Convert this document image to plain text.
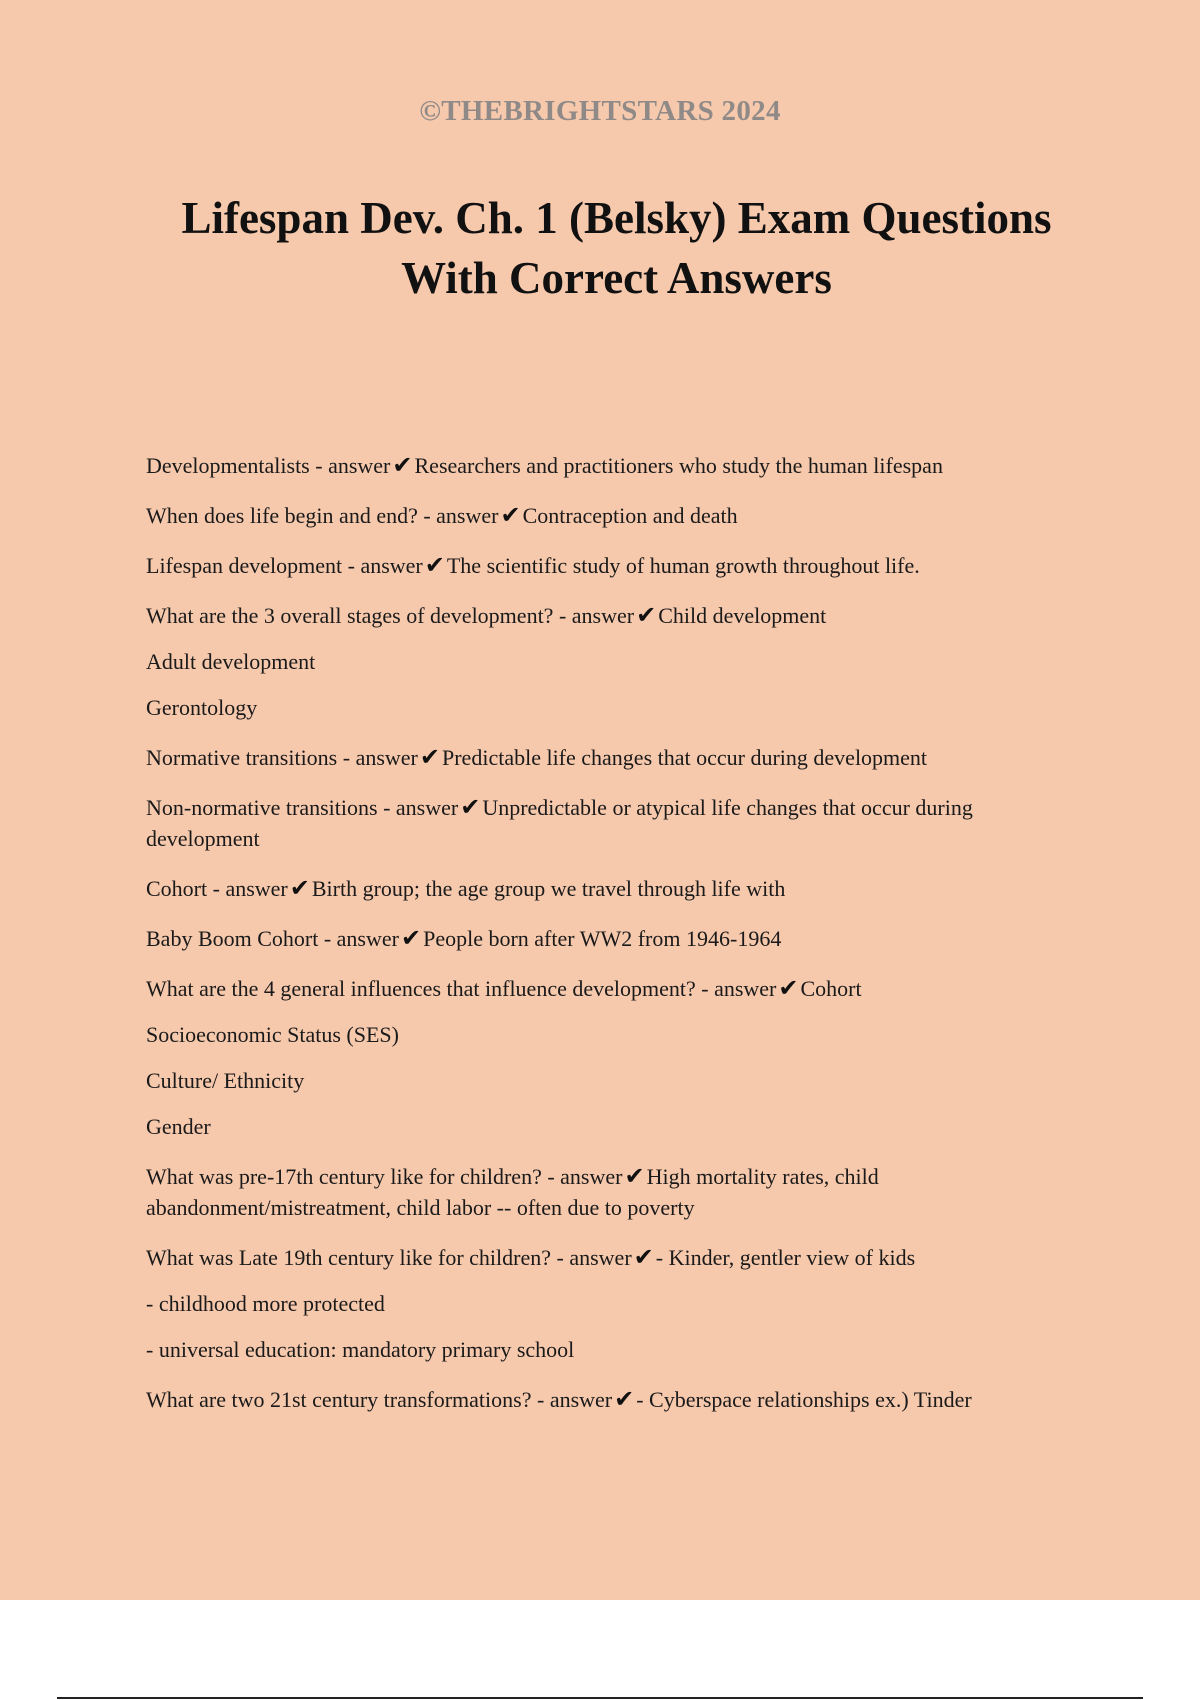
©THEBRIGHTSTARS 2024
Lifespan Dev. Ch. 1 (Belsky) Exam Questions
With Correct Answers
Developmentalists - answer✔Researchers and practitioners who study the human lifespan
When does life begin and end? - answer✔Contraception and death
Lifespan development - answer✔The scientific study of human growth throughout life.
What are the 3 overall stages of development? - answer✔Child development
Adult development
Gerontology
Normative transitions - answer✔Predictable life changes that occur during development
Non-normative transitions - answer✔Unpredictable or atypical life changes that occur during development
Cohort - answer✔Birth group; the age group we travel through life with
Baby Boom Cohort - answer✔People born after WW2 from 1946-1964
What are the 4 general influences that influence development? - answer✔Cohort
Socioeconomic Status (SES)
Culture/ Ethnicity
Gender
What was pre-17th century like for children? - answer✔High mortality rates, child abandonment/mistreatment, child labor -- often due to poverty
What was Late 19th century like for children? - answer✔- Kinder, gentler view of kids
- childhood more protected
- universal education: mandatory primary school
What are two 21st century transformations? - answer✔- Cyberspace relationships ex.) Tinder
